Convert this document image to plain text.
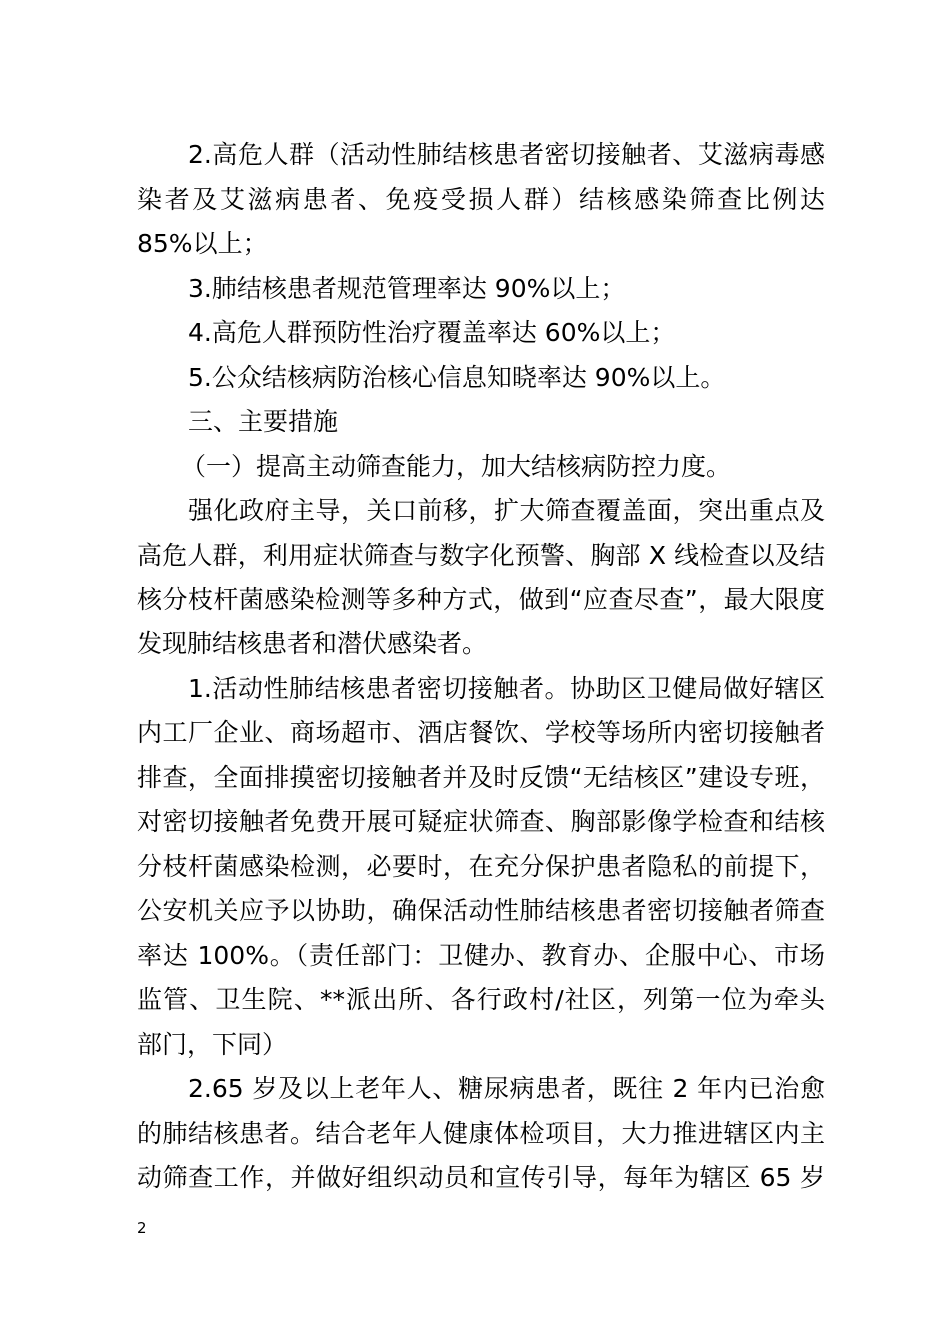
2.高危人群（活动性肺结核患者密切接触者、艾滋病毒感
染者及艾滋病患者、免疫受损人群）结核感染筛查比例达
85%以上；
3.肺结核患者规范管理率达 90%以上；
4.高危人群预防性治疗覆盖率达 60%以上；
5.公众结核病防治核心信息知晓率达 90%以上。
三、主要措施
（一）提高主动筛查能力，加大结核病防控力度。
强化政府主导，关口前移，扩大筛查覆盖面，突出重点及
高危人群，利用症状筛查与数字化预警、胸部 X 线检查以及结
核分枝杆菌感染检测等多种方式，做到“应查尽查”，最大限度
发现肺结核患者和潜伏感染者。
1.活动性肺结核患者密切接触者。协助区卫健局做好辖区
内工厂企业、商场超市、酒店餐饮、学校等场所内密切接触者
排查，全面排摸密切接触者并及时反馈“无结核区”建设专班，
对密切接触者免费开展可疑症状筛查、胸部影像学检查和结核
分枝杆菌感染检测，必要时，在充分保护患者隐私的前提下，
公安机关应予以协助，确保活动性肺结核患者密切接触者筛查
率达 100%。（责任部门：卫健办、教育办、企服中心、市场
监管、卫生院、**派出所、各行政村/社区，列第一位为牵头
部门，下同）
2.65 岁及以上老年人、糖尿病患者，既往 2 年内已治愈
的肺结核患者。结合老年人健康体检项目，大力推进辖区内主
动筛查工作，并做好组织动员和宣传引导，每年为辖区 65 岁
2
